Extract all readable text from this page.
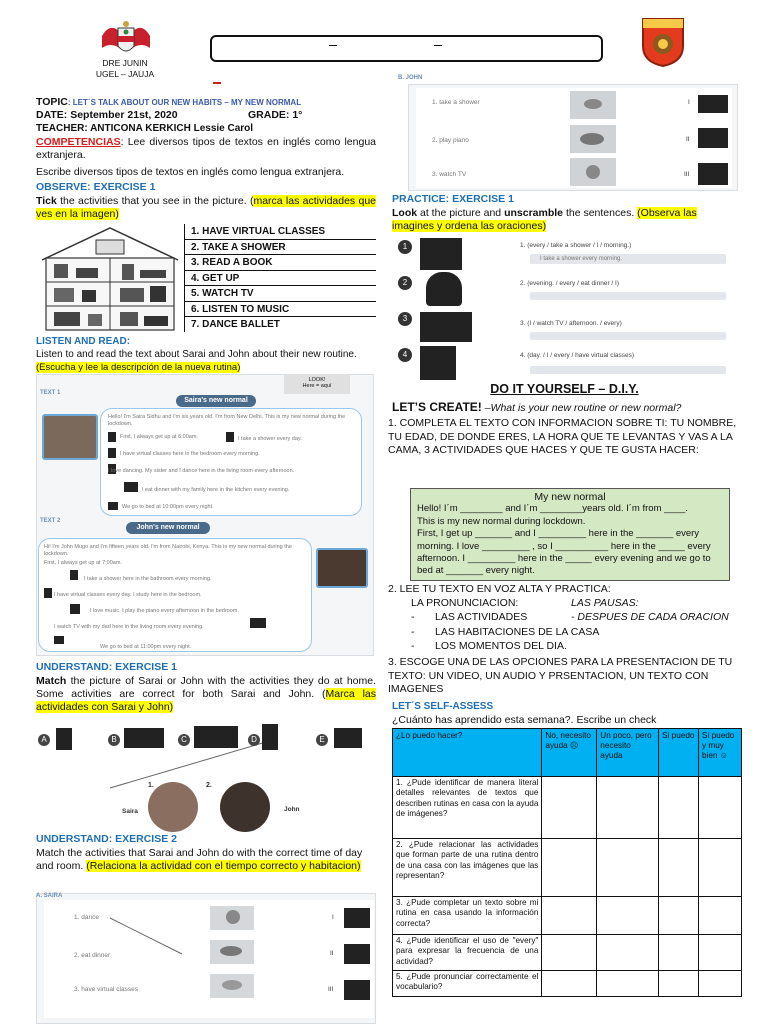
DRE JUNIN
UGEL – JAUJA
TOPIC: LET´S TALK ABOUT OUR NEW HABITS – MY NEW NORMAL
DATE: September 21st, 2020	GRADE: 1°
TEACHER: ANTICONA KERKICH Lessie Carol
COMPETENCIAS: Lee diversos tipos de textos en inglés como lengua extranjera.
Escribe diversos tipos de textos en inglés como lengua extranjera.
OBSERVE: EXERCISE 1
Tick the activities that you see in the picture. (marca las actividades que ves en la imagen)
1. HAVE VIRTUAL CLASSES
2. TAKE A SHOWER
3. READ A BOOK
4. GET UP
5. WATCH TV
6. LISTEN TO MUSIC
7. DANCE BALLET
LISTEN AND READ:
Listen to and read the text about Sarai and John about their new routine.
(Escucha y lee la descripción de la nueva rutina)
LOOK!
Here = aquí
TEXT 1
Saira's new normal
Hello! I'm Saira Sidhu and I'm six years old. I'm from New Delhi. This is my new normal during the lockdown.
First, I always get up at 6:00am.	I take a shower every day.
I have virtual classes here in the bedroom every morning.
I love dancing. My sister and I dance here in the living room every afternoon.
I eat dinner with my family here in the kitchen every evening.
We go to bed at 10:00pm every night.
TEXT 2
John's new normal
Hi! I'm John Mugo and I'm fifteen years old. I'm from Nairobi, Kenya. This is my new normal during the lockdown.
First, I always get up at 7:00am.
I take a shower here in the bathroom every morning.
I have virtual classes every day. I study here in the bedroom.
I love music. I play the piano every afternoon in the bedroom.
I watch TV with my dad here in the living room every evening.
We go to bed at 11:00pm every night.
UNDERSTAND: EXERCISE 1
Match the picture of Sarai or John with the activities they do at home. Some activities are correct for both Sarai and John. (Marca las actividades con Sarai y John)
A	B	C	D	E
1.
Saira
2.
John
UNDERSTAND: EXERCISE 2
Match the activities that Sarai and John do with the correct time of day and room. (Relaciona la actividad con el tiempo correcto y habitacion)
A. SAIRA
1. dance
2. eat dinner
3. have virtual classes
I
II
III
B. JOHN
1. take a shower
2. play piano
3. watch TV
I
II
III
PRACTICE: EXERCISE 1
Look at the picture and unscramble the sentences. (Observa las imagines y ordena las oraciones)
1	1. (every / take a shower / I / morning.)
I take a shower every morning.
2	2. (evening. / every / eat dinner / I)
3
3. (I / watch TV / afternoon. / every)
4	4. (day. / I / every / have virtual classes)
DO IT YOURSELF – D.I.Y.
LET’S CREATE! –What is your new routine or new normal?
1. COMPLETA EL TEXTO CON INFORMACION SOBRE TI: TU NOMBRE, TU EDAD, DE DONDE ERES, LA HORA QUE TE LEVANTAS Y VAS A LA CAMA, 3 ACTIVIDADES QUE HACES Y QUE TE GUSTA HACER:
My new normal
Hello! I´m ________ and I´m ________years old. I´m from ____.
This is my new normal during lockdown.
First, I get up _______ and I _________ here in the _______ every
morning. I love _________ , so I __________ here in the _____ every
afternoon. I _________ here in the _____ every evening and we go to
bed at _______ every night.
2. LEE TU TEXTO EN VOZ ALTA Y PRACTICA:
LA PRONUNCIACION:	LAS PAUSAS:
- LAS ACTIVIDADES	- DESPUES DE CADA ORACION
- LAS HABITACIONES DE LA CASA
- LOS MOMENTOS DEL DIA.
3. ESCOGE UNA DE LAS OPCIONES PARA LA PRESENTACION DE TU TEXTO: UN VIDEO, UN AUDIO Y PRSENTACION, UN TEXTO CON IMAGENES
LET´S SELF-ASSESS
¿Cuánto has aprendido esta semana?. Escribe un check
¿Lo puedo hacer?	No, necesito ayuda ☹	Un poco, pero necesito ayuda	Si puedo	Si puedo y muy bien ☺
1. ¿Pude identificar de manera literal detalles relevantes de textos que describen rutinas en casa con la ayuda de imágenes?				
2. ¿Pude relacionar las actividades que forman parte de una rutina dentro de una casa con las imágenes que las representan?				
3. ¿Pude completar un texto sobre mi rutina en casa usando la información correcta?				
4. ¿Pude identificar el uso de "every" para expresar la frecuencia de una actividad?				
5. ¿Pude pronunciar correctamente el vocabulario?				
